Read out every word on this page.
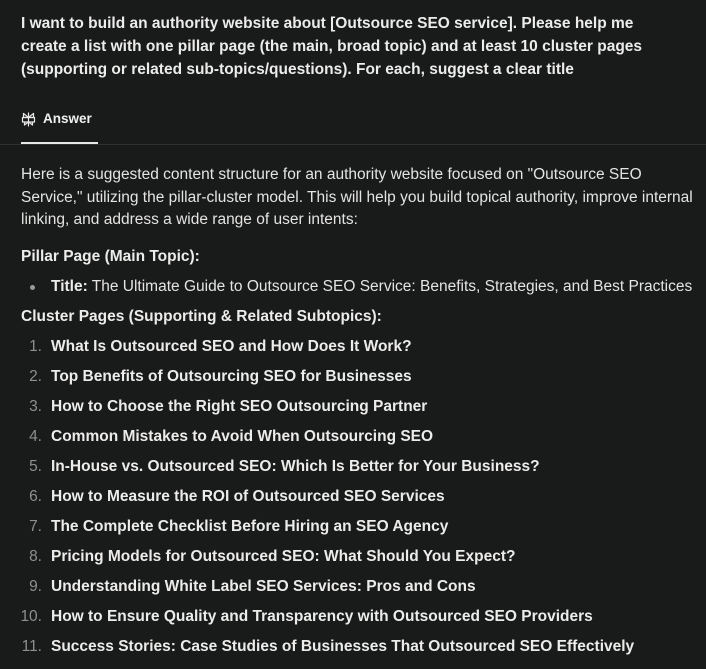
I want to build an authority website about [Outsource SEO service]. Please help me create a list with one pillar page (the main, broad topic) and at least 10 cluster pages (supporting or related sub-topics/questions). For each, suggest a clear title
Answer
Here is a suggested content structure for an authority website focused on "Outsource SEO Service," utilizing the pillar-cluster model. This will help you build topical authority, improve internal linking, and address a wide range of user intents:
Pillar Page (Main Topic):
Title: The Ultimate Guide to Outsource SEO Service: Benefits, Strategies, and Best Practices
Cluster Pages (Supporting & Related Subtopics):
1. What Is Outsourced SEO and How Does It Work?
2. Top Benefits of Outsourcing SEO for Businesses
3. How to Choose the Right SEO Outsourcing Partner
4. Common Mistakes to Avoid When Outsourcing SEO
5. In-House vs. Outsourced SEO: Which Is Better for Your Business?
6. How to Measure the ROI of Outsourced SEO Services
7. The Complete Checklist Before Hiring an SEO Agency
8. Pricing Models for Outsourced SEO: What Should You Expect?
9. Understanding White Label SEO Services: Pros and Cons
10. How to Ensure Quality and Transparency with Outsourced SEO Providers
11. Success Stories: Case Studies of Businesses That Outsourced SEO Effectively
